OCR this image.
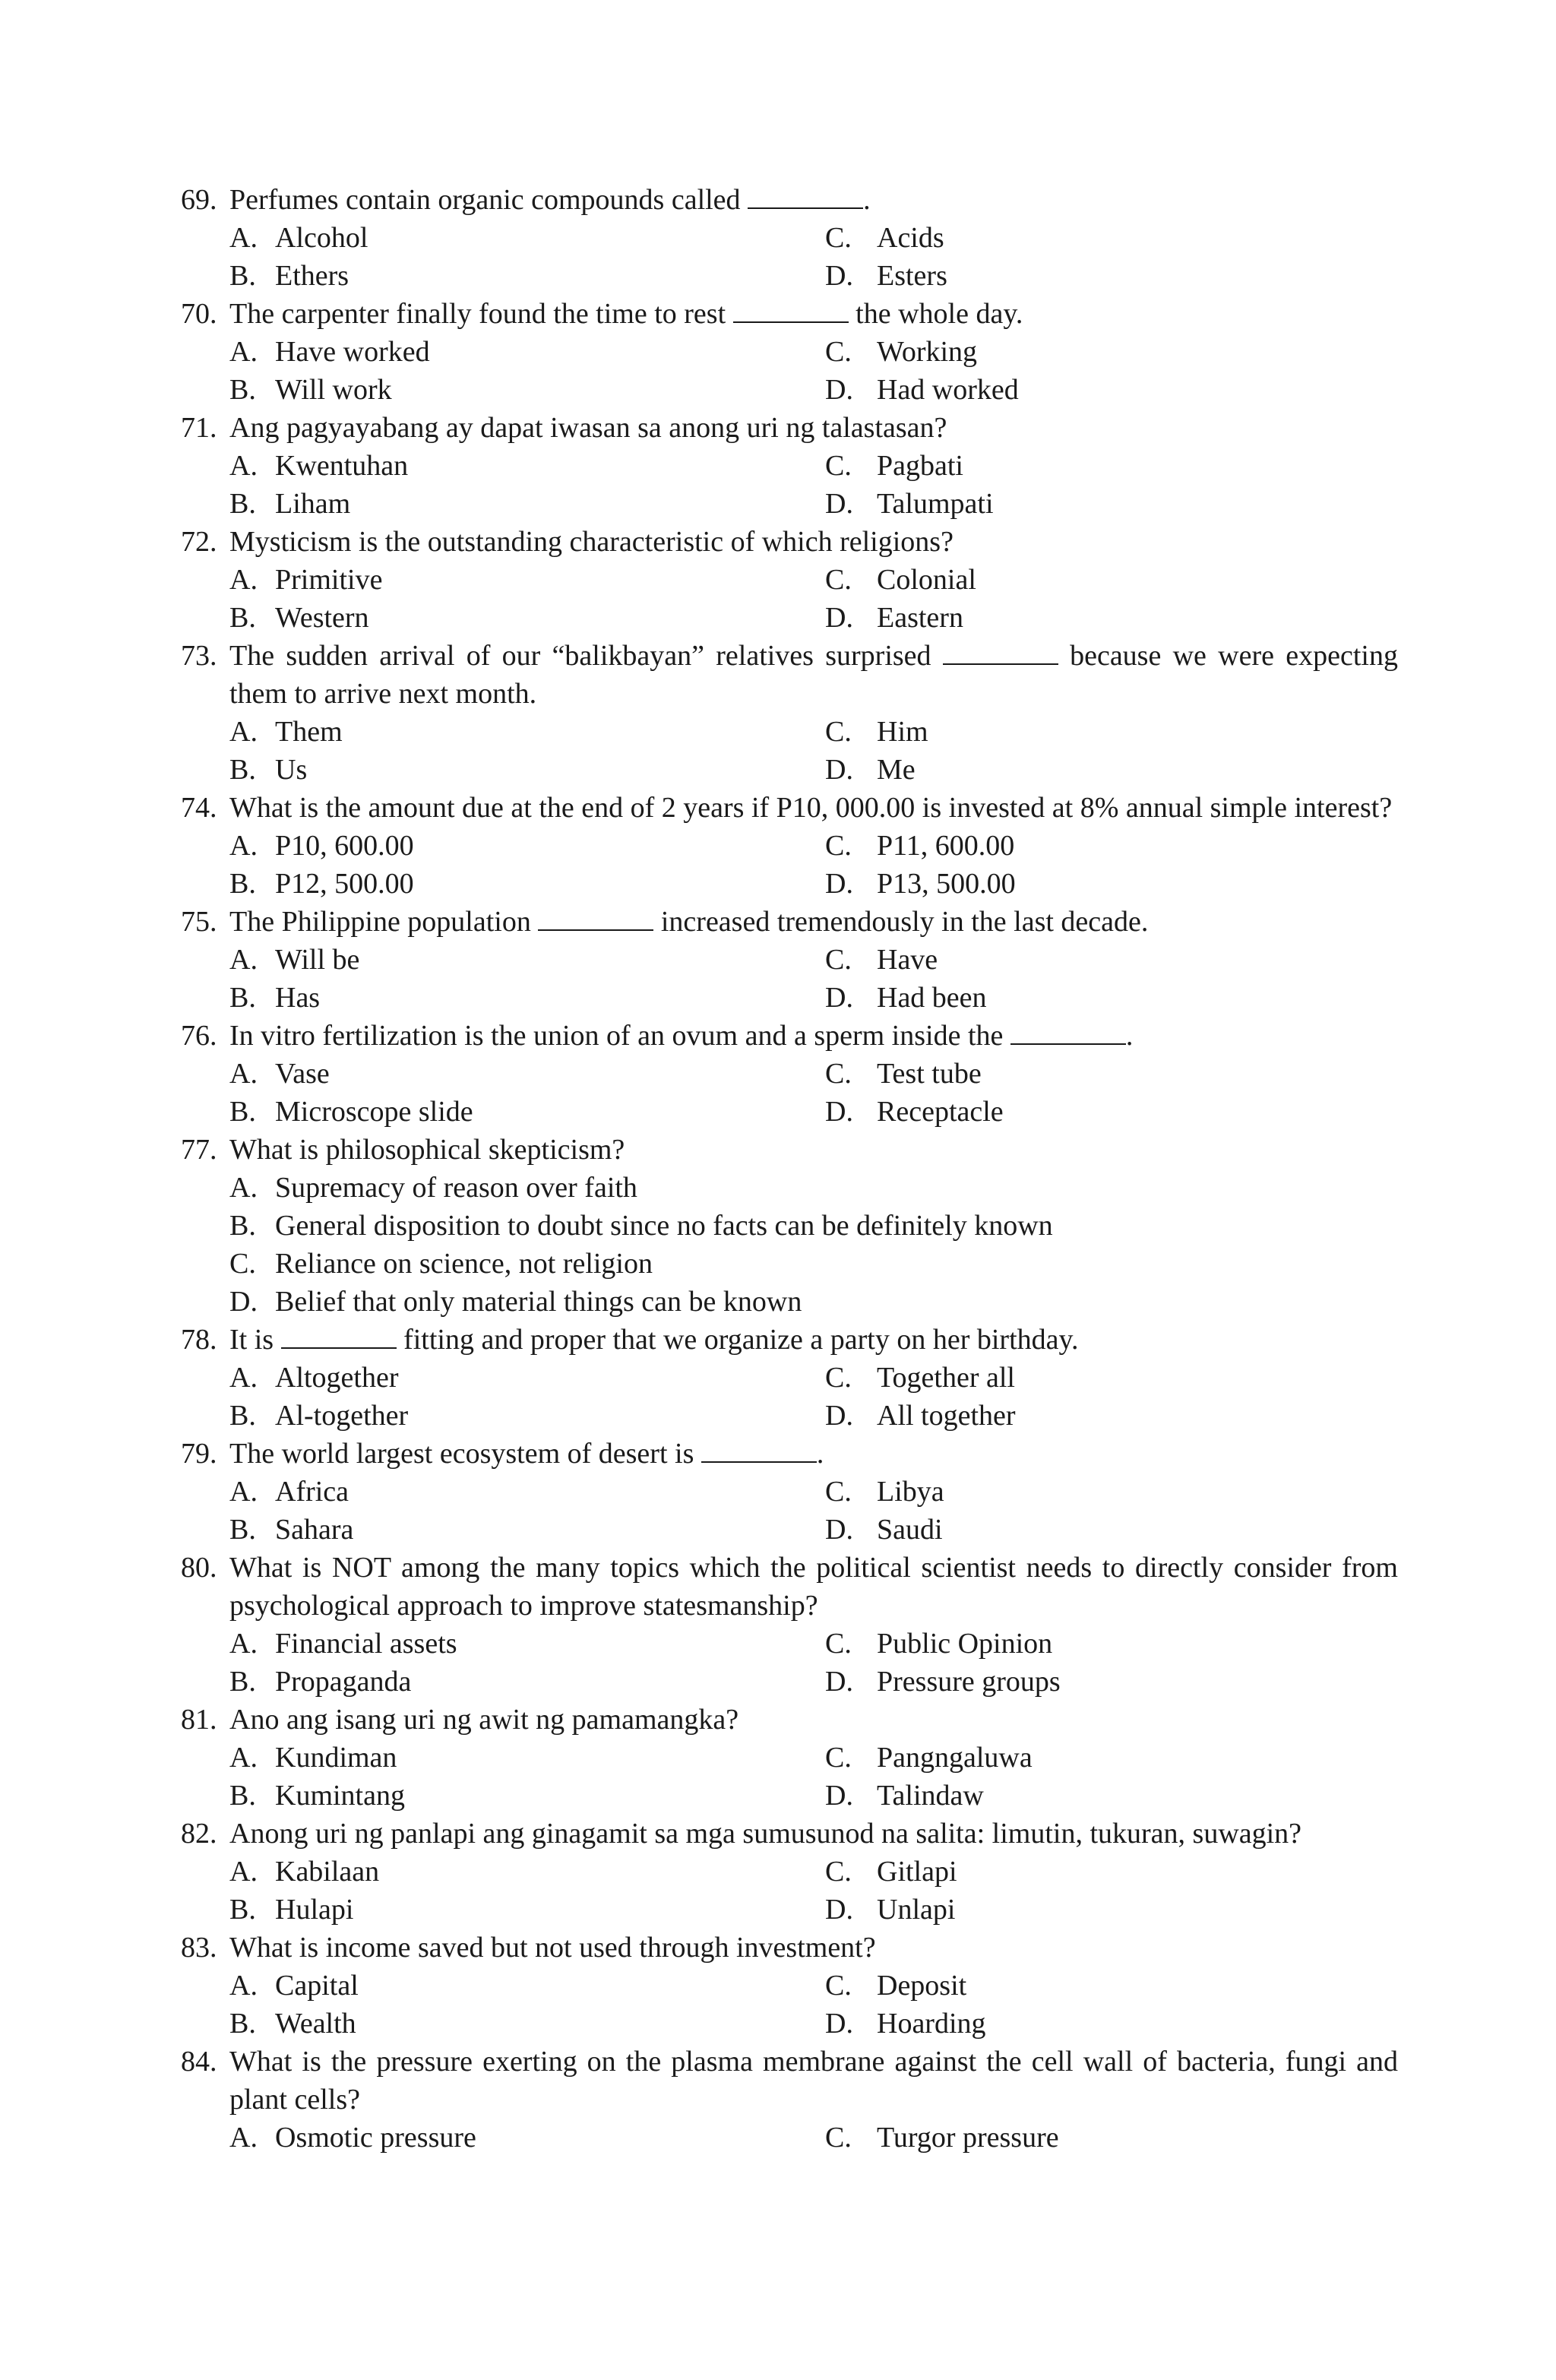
69. Perfumes contain organic compounds called	.
A. Alcohol	C. Acids
B. Ethers	D. Esters
70. The carpenter finally found the time to rest	the whole day.
A. Have worked	C. Working
B. Will work	D. Had worked
71. Ang pagyayabang ay dapat iwasan sa anong uri ng talastasan?
A. Kwentuhan	C. Pagbati
B. Liham	D. Talumpati
72. Mysticism is the outstanding characteristic of which religions?
A. Primitive	C. Colonial
B. Western	D. Eastern
73. The sudden arrival of our “balikbayan” relatives surprised	because we were expecting them to arrive next month.
A. Them	C. Him
B. Us	D. Me
74. What is the amount due at the end of 2 years if P10, 000.00 is invested at 8% annual simple interest?
A. P10, 600.00	C. P11, 600.00
B. P12, 500.00	D. P13, 500.00
75. The Philippine population	increased tremendously in the last decade.
A. Will be	C. Have
B. Has	D. Had been
76. In vitro fertilization is the union of an ovum and a sperm inside the	.
A. Vase	C. Test tube
B. Microscope slide	D. Receptacle
77. What is philosophical skepticism?
A. Supremacy of reason over faith
B. General disposition to doubt since no facts can be definitely known
C. Reliance on science, not religion
D. Belief that only material things can be known
78. It is	fitting and proper that we organize a party on her birthday.
A. Altogether	C. Together all
B. Al-together	D. All together
79. The world largest ecosystem of desert is	.
A. Africa	C. Libya
B. Sahara	D. Saudi
80. What is NOT among the many topics which the political scientist needs to directly consider from psychological approach to improve statesmanship?
A. Financial assets	C. Public Opinion
B. Propaganda	D. Pressure groups
81. Ano ang isang uri ng awit ng pamamangka?
A. Kundiman	C. Pangngaluwa
B. Kumintang	D. Talindaw
82. Anong uri ng panlapi ang ginagamit sa mga sumusunod na salita: limutin, tukuran, suwagin?
A. Kabilaan	C. Gitlapi
B. Hulapi	D. Unlapi
83. What is income saved but not used through investment?
A. Capital	C. Deposit
B. Wealth	D. Hoarding
84. What is the pressure exerting on the plasma membrane against the cell wall of bacteria, fungi and plant cells?
A. Osmotic pressure	C. Turgor pressure
